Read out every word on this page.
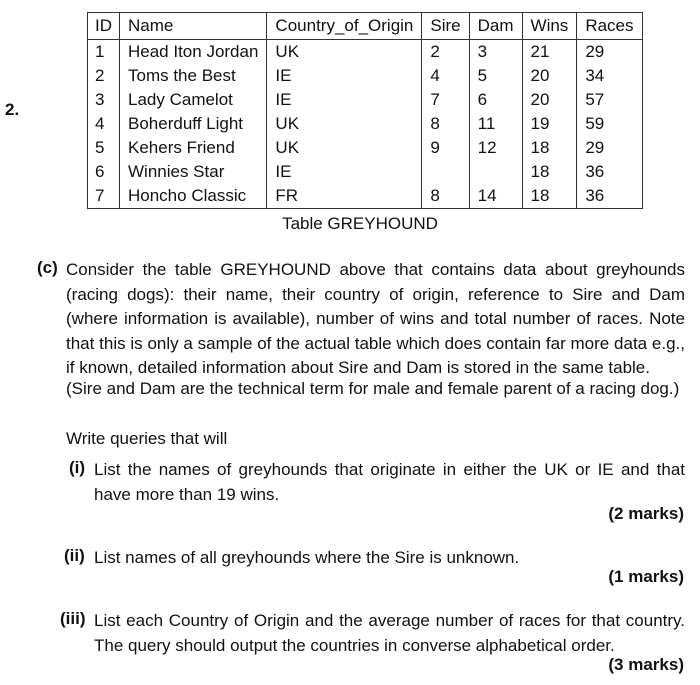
2.
ID	Name	Country_of_Origin	Sire	Dam	Wins	Races
1	Head Iton Jordan	UK	2	3	21	29
2	Toms the Best	IE	4	5	20	34
3	Lady Camelot	IE	7	6	20	57
4	Boherduff Light	UK	8	11	19	59
5	Kehers Friend	UK	9	12	18	29
6	Winnies Star	IE			18	36
7	Honcho Classic	FR	8	14	18	36
Table GREYHOUND
(c) Consider the table GREYHOUND above that contains data about greyhounds (racing dogs): their name, their country of origin, reference to Sire and Dam (where information is available), number of wins and total number of races. Note that this is only a sample of the actual table which does contain far more data e.g., if known, detailed information about Sire and Dam is stored in the same table.
(Sire and Dam are the technical term for male and female parent of a racing dog.)
Write queries that will
(i) List the names of greyhounds that originate in either the UK or IE and that have more than 19 wins.
(2 marks)
(ii) List names of all greyhounds where the Sire is unknown.
(1 marks)
(iii) List each Country of Origin and the average number of races for that country. The query should output the countries in converse alphabetical order.
(3 marks)
